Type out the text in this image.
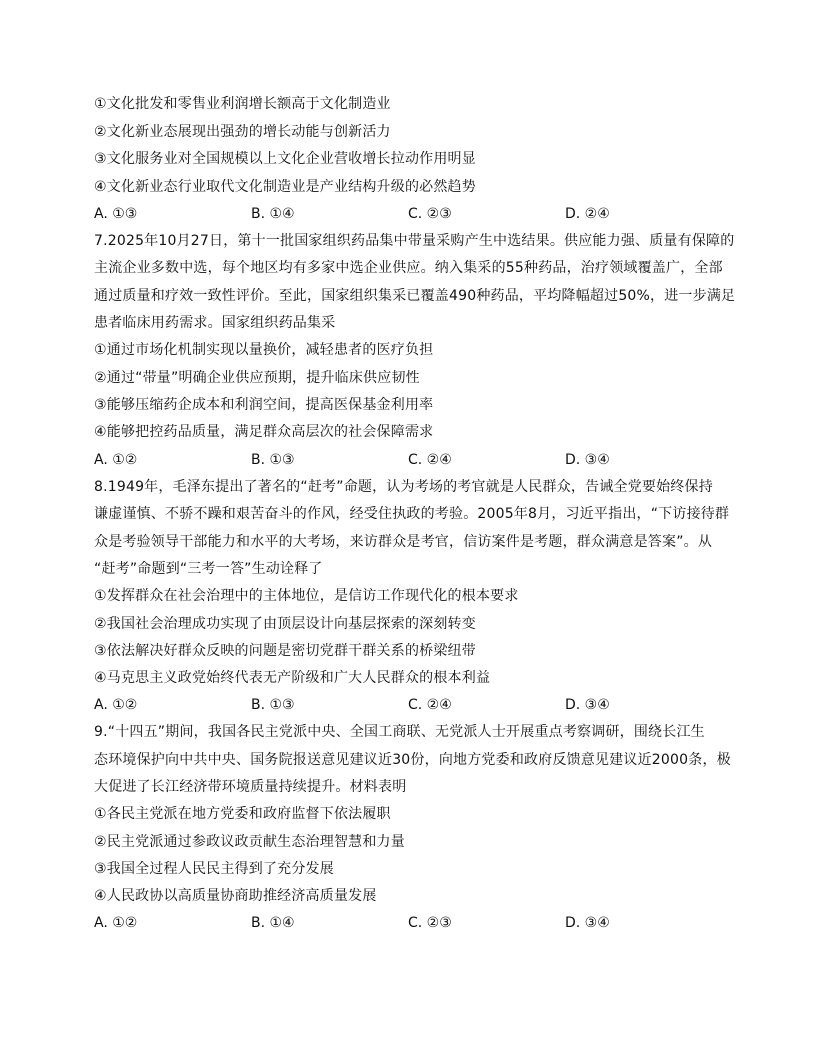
①文化批发和零售业利润增长额高于文化制造业
②文化新业态展现出强劲的增长动能与创新活力
③文化服务业对全国规模以上文化企业营收增长拉动作用明显
④文化新业态行业取代文化制造业是产业结构升级的必然趋势
A. ①③	B. ①④	C. ②③	D. ②④
7.2025年10月27日，第十一批国家组织药品集中带量采购产生中选结果。供应能力强、质量有保障的
主流企业多数中选，每个地区均有多家中选企业供应。纳入集采的55种药品，治疗领域覆盖广，全部
通过质量和疗效一致性评价。至此，国家组织集采已覆盖490种药品，平均降幅超过50%，进一步满足
患者临床用药需求。国家组织药品集采
①通过市场化机制实现以量换价，减轻患者的医疗负担
②通过“带量”明确企业供应预期，提升临床供应韧性
③能够压缩药企成本和利润空间，提高医保基金利用率
④能够把控药品质量，满足群众高层次的社会保障需求
A. ①②	B. ①③	C. ②④	D. ③④
8.1949年，毛泽东提出了著名的“赶考”命题，认为考场的考官就是人民群众，告诫全党要始终保持
谦虚谨慎、不骄不躁和艰苦奋斗的作风，经受住执政的考验。2005年8月，习近平指出，“下访接待群
众是考验领导干部能力和水平的大考场，来访群众是考官，信访案件是考题，群众满意是答案”。从
“赶考”命题到“三考一答”生动诠释了
①发挥群众在社会治理中的主体地位，是信访工作现代化的根本要求
②我国社会治理成功实现了由顶层设计向基层探索的深刻转变
③依法解决好群众反映的问题是密切党群干群关系的桥梁纽带
④马克思主义政党始终代表无产阶级和广大人民群众的根本利益
A. ①②	B. ①③	C. ②④	D. ③④
9.“十四五”期间，我国各民主党派中央、全国工商联、无党派人士开展重点考察调研，围绕长江生
态环境保护向中共中央、国务院报送意见建议近30份，向地方党委和政府反馈意见建议近2000条，极
大促进了长江经济带环境质量持续提升。材料表明
①各民主党派在地方党委和政府监督下依法履职
②民主党派通过参政议政贡献生态治理智慧和力量
③我国全过程人民民主得到了充分发展
④人民政协以高质量协商助推经济高质量发展
A. ①②	B. ①④	C. ②③	D. ③④
